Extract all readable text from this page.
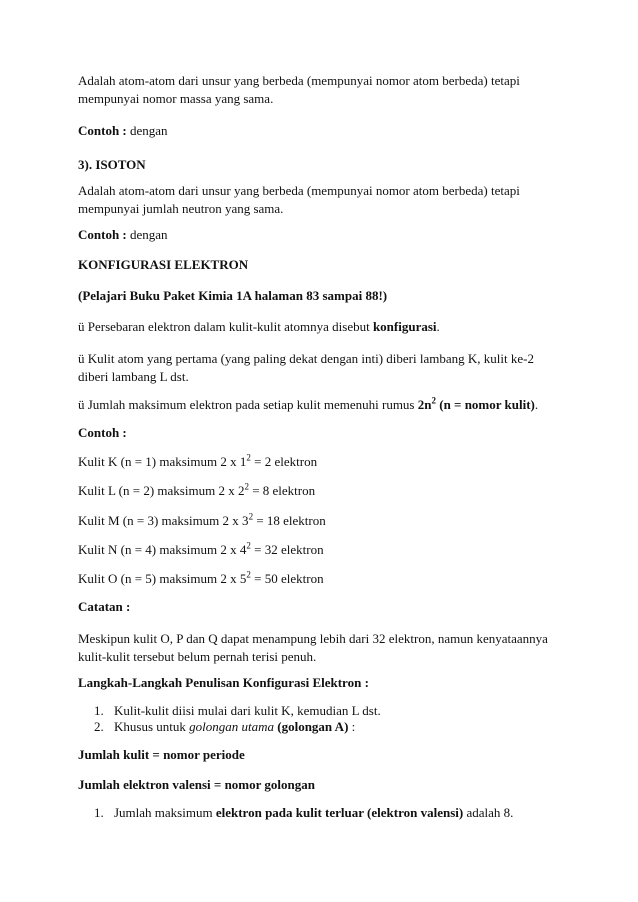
Adalah atom-atom dari unsur yang berbeda (mempunyai nomor atom berbeda) tetapi
mempunyai nomor massa yang sama.

Contoh : dengan

3). ISOTON

Adalah atom-atom dari unsur yang berbeda (mempunyai nomor atom berbeda) tetapi
mempunyai jumlah neutron yang sama.

Contoh : dengan

KONFIGURASI ELEKTRON

(Pelajari Buku Paket Kimia 1A halaman 83 sampai 88!)

ü Persebaran elektron dalam kulit-kulit atomnya disebut konfigurasi.

ü Kulit atom yang pertama (yang paling dekat dengan inti) diberi lambang K, kulit ke-2
diberi lambang L dst.

ü Jumlah maksimum elektron pada setiap kulit memenuhi rumus $2n^2$ (n = nomor kulit).

Contoh :

Kulit K (n = 1) maksimum 2 x $1^2 = 2$ elektron

Kulit L (n = 2) maksimum 2 x $2^2 = 8$ elektron

Kulit M (n = 3) maksimum 2 x $3^2 = 18$ elektron

Kulit N (n = 4) maksimum 2 x $4^2 = 32$ elektron

Kulit O (n = 5) maksimum 2 x $5^2 = 50$ elektron

Catatan :

Meskipun kulit O, P dan Q dapat menampung lebih dari 32 elektron, namun kenyataannya
kulit-kulit tersebut belum pernah terisi penuh.

Langkah-Langkah Penulisan Konfigurasi Elektron :

1. Kulit-kulit diisi mulai dari kulit K, kemudian L dst.

2. Khusus untuk golongan utama (golongan A) :

Jumlah kulit = nomor periode

Jumlah elektron valensi = nomor golongan

1. Jumlah maksimum elektron pada kulit terluar (elektron valensi) adalah 8.
